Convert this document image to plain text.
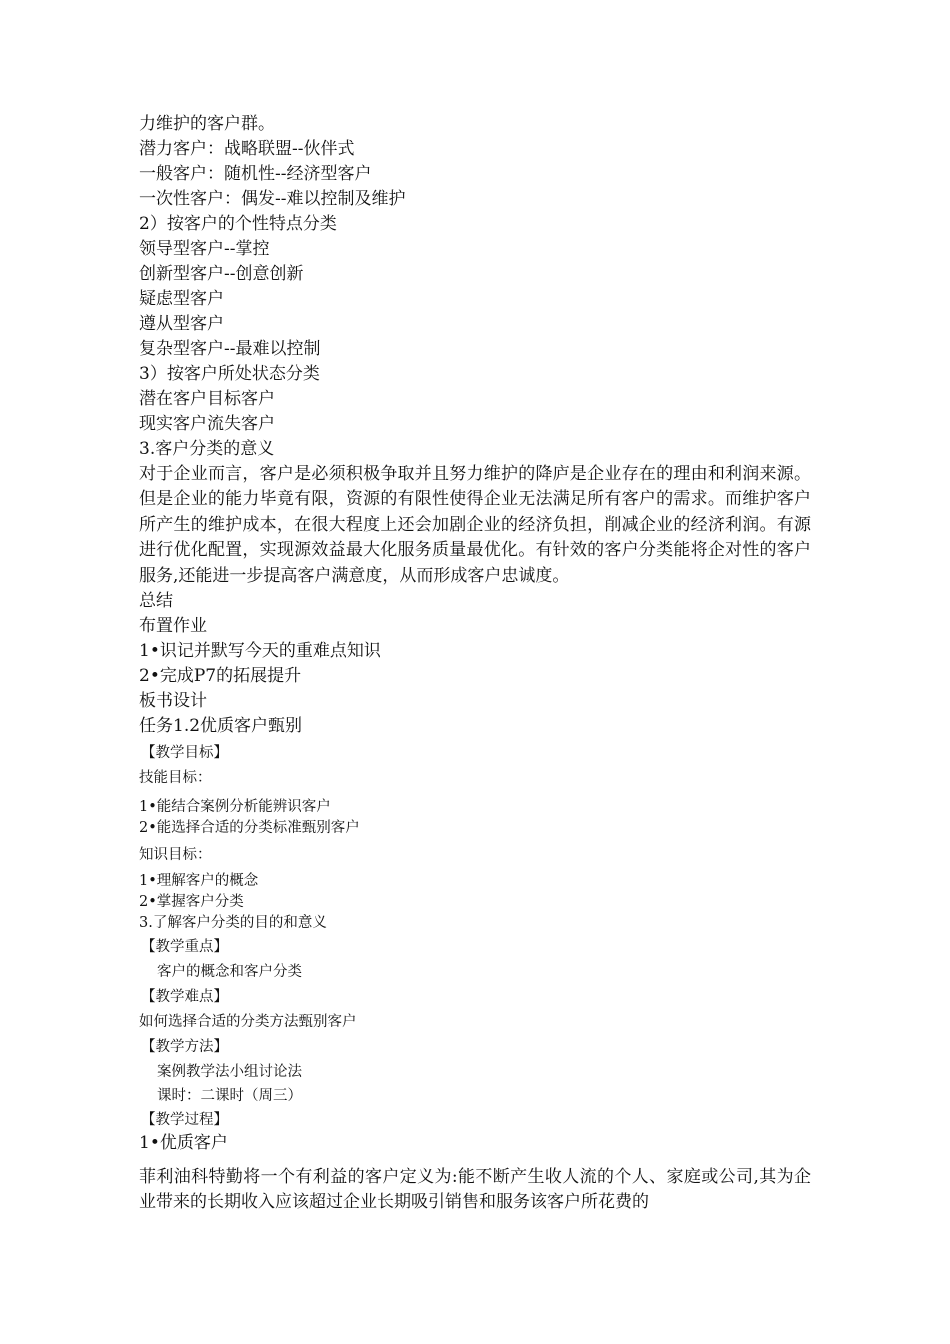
力维护的客户群。
潜力客户：战略联盟--伙伴式
一般客户：随机性--经济型客户
一次性客户：偶发--难以控制及维护
2）按客户的个性特点分类
领导型客户--掌控
创新型客户--创意创新
疑虑型客户
遵从型客户
复杂型客户--最难以控制
3）按客户所处状态分类
潜在客户目标客户
现实客户流失客户
3.客户分类的意义
对于企业而言，客户是必须积极争取并且努力维护的降庐是企业存在的理由和利润来源。但是企业的能力毕竟有限，资源的有限性使得企业无法满足所有客户的需求。而维护客户所产生的维护成本，在很大程度上还会加剧企业的经济负担，削减企业的经济利润。有源进行优化配置，实现源效益最大化服务质量最优化。有针效的客户分类能将企对性的客户服务,还能进一步提高客户满意度，从而形成客户忠诚度。
总结
布置作业
1•识记并默写今天的重难点知识
2•完成P7的拓展提升
板书设计
任务1.2优质客户甄别
【教学目标】
技能目标：
1•能结合案例分析能辨识客户
2•能选择合适的分类标准甄别客户
知识目标：
1•理解客户的概念
2•掌握客户分类
3.了解客户分类的目的和意义
【教学重点】
客户的概念和客户分类
【教学难点】
如何选择合适的分类方法甄别客户
【教学方法】
案例教学法小组讨论法
课时：二课时（周三）
【教学过程】
1•优质客户
菲利油科特勤将一个有利益的客户定义为:能不断产生收人流的个人、家庭或公司,其为企业带来的长期收入应该超过企业长期吸引销售和服务该客户所花费的
